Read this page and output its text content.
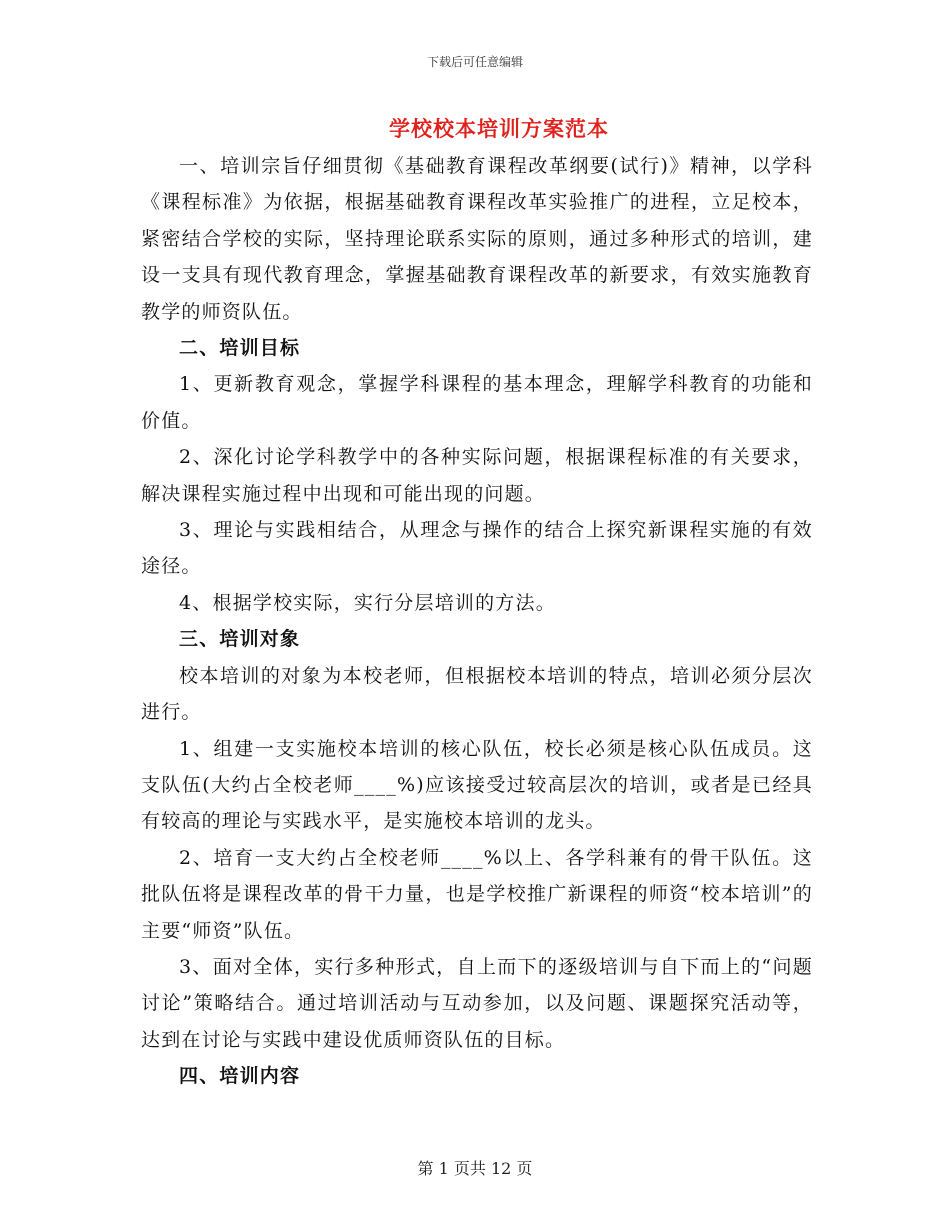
下载后可任意编辑
学校校本培训方案范本

一、培训宗旨仔细贯彻《基础教育课程改革纲要(试行)》精神，以学科《课程标准》为依据，根据基础教育课程改革实验推广的进程，立足校本，紧密结合学校的实际，坚持理论联系实际的原则，通过多种形式的培训，建设一支具有现代教育理念，掌握基础教育课程改革的新要求，有效实施教育教学的师资队伍。

二、培训目标

1、更新教育观念，掌握学科课程的基本理念，理解学科教育的功能和价值。

2、深化讨论学科教学中的各种实际问题，根据课程标准的有关要求，解决课程实施过程中出现和可能出现的问题。

3、理论与实践相结合，从理念与操作的结合上探究新课程实施的有效途径。

4、根据学校实际，实行分层培训的方法。

三、培训对象

校本培训的对象为本校老师，但根据校本培训的特点，培训必须分层次进行。

1、组建一支实施校本培训的核心队伍，校长必须是核心队伍成员。这支队伍(大约占全校老师____%)应该接受过较高层次的培训，或者是已经具有较高的理论与实践水平，是实施校本培训的龙头。

2、培育一支大约占全校老师____%以上、各学科兼有的骨干队伍。这批队伍将是课程改革的骨干力量，也是学校推广新课程的师资“校本培训”的主要“师资”队伍。

3、面对全体，实行多种形式，自上而下的逐级培训与自下而上的“问题讨论”策略结合。通过培训活动与互动参加，以及问题、课题探究活动等，达到在讨论与实践中建设优质师资队伍的目标。

四、培训内容

第 1 页共 12 页
